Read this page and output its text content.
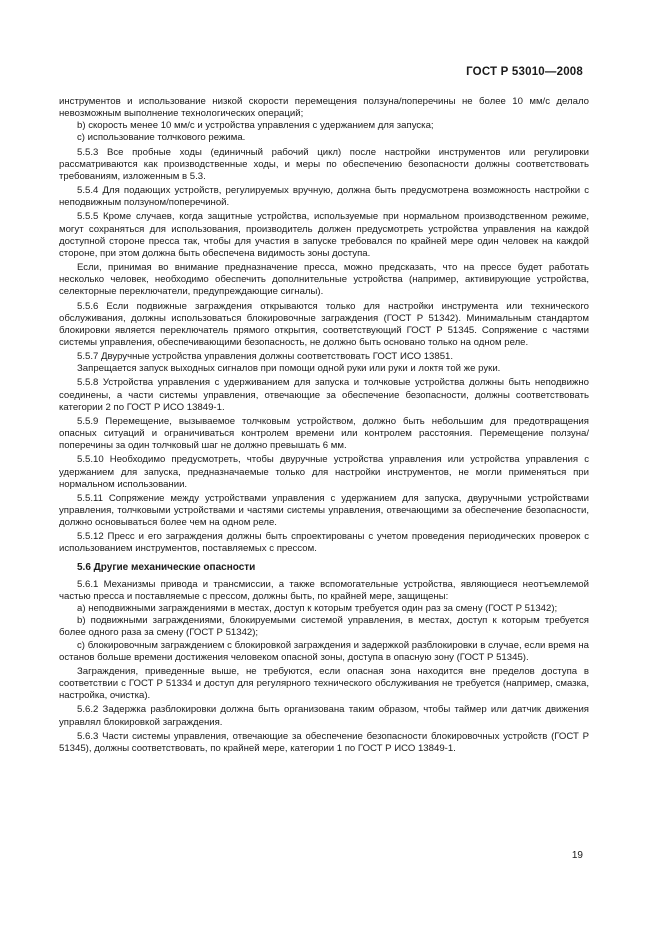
ГОСТ Р 53010—2008

инструментов и использование низкой скорости перемещения ползуна/поперечины не более 10 мм/с делало невозможным выполнение технологических операций;

b) скорость менее 10 мм/с и устройства управления с удержанием для запуска;

c) использование толчкового режима.

5.5.3 Все пробные ходы (единичный рабочий цикл) после настройки инструментов или регулировки рассматриваются как производственные ходы, и меры по обеспечению безопасности должны соответствовать требованиям, изложенным в 5.3.

5.5.4 Для подающих устройств, регулируемых вручную, должна быть предусмотрена возможность настройки с неподвижным ползуном/поперечиной.

5.5.5 Кроме случаев, когда защитные устройства, используемые при нормальном производственном режиме, могут сохраняться для использования, производитель должен предусмотреть устройства управления на каждой доступной стороне пресса так, чтобы для участия в запуске требовался по крайней мере один человек на каждой стороне, при этом должна быть обеспечена видимость зоны доступа.

Если, принимая во внимание предназначение пресса, можно предсказать, что на прессе будет работать несколько человек, необходимо обеспечить дополнительные устройства (например, активирующие устройства, селекторные переключатели, предупреждающие сигналы).

5.5.6 Если подвижные заграждения открываются только для настройки инструмента или технического обслуживания, должны использоваться блокировочные заграждения (ГОСТ Р 51342). Минимальным стандартом блокировки является переключатель прямого открытия, соответствующий ГОСТ Р 51345. Сопряжение с частями системы управления, обеспечивающими безопасность, не должно быть основано только на одном реле.

5.5.7 Двуручные устройства управления должны соответствовать ГОСТ ИСО 13851.

Запрещается запуск выходных сигналов при помощи одной руки или руки и локтя той же руки.

5.5.8 Устройства управления с удерживанием для запуска и толчковые устройства должны быть неподвижно соединены, а части системы управления, отвечающие за обеспечение безопасности, должны соответствовать категории 2 по ГОСТ Р ИСО 13849-1.

5.5.9 Перемещение, вызываемое толчковым устройством, должно быть небольшим для предотвращения опасных ситуаций и ограничиваться контролем времени или контролем расстояния. Перемещение ползуна/поперечины за один толчковый шаг не должно превышать 6 мм.

5.5.10 Необходимо предусмотреть, чтобы двуручные устройства управления или устройства управления с удержанием для запуска, предназначаемые только для настройки инструментов, не могли применяться при нормальном использовании.

5.5.11 Сопряжение между устройствами управления с удержанием для запуска, двуручными устройствами управления, толчковыми устройствами и частями системы управления, отвечающими за обеспечение безопасности, должно основываться более чем на одном реле.

5.5.12 Пресс и его заграждения должны быть спроектированы с учетом проведения периодических проверок с использованием инструментов, поставляемых с прессом.

5.6 Другие механические опасности

5.6.1 Механизмы привода и трансмиссии, а также вспомогательные устройства, являющиеся неотъемлемой частью пресса и поставляемые с прессом, должны быть, по крайней мере, защищены:

a) неподвижными заграждениями в местах, доступ к которым требуется один раз за смену (ГОСТ Р 51342);

b) подвижными заграждениями, блокируемыми системой управления, в местах, доступ к которым требуется более одного раза за смену (ГОСТ Р 51342);

c) блокировочным заграждением с блокировкой заграждения и задержкой разблокировки в случае, если время на останов больше времени достижения человеком опасной зоны, доступа в опасную зону (ГОСТ Р 51345).

Заграждения, приведенные выше, не требуются, если опасная зона находится вне пределов доступа в соответствии с ГОСТ Р 51334 и доступ для регулярного технического обслуживания не требуется (например, смазка, настройка, очистка).

5.6.2 Задержка разблокировки должна быть организована таким образом, чтобы таймер или датчик движения управлял блокировкой заграждения.

5.6.3 Части системы управления, отвечающие за обеспечение безопасности блокировочных устройств (ГОСТ Р 51345), должны соответствовать, по крайней мере, категории 1 по ГОСТ Р ИСО 13849-1.

19
